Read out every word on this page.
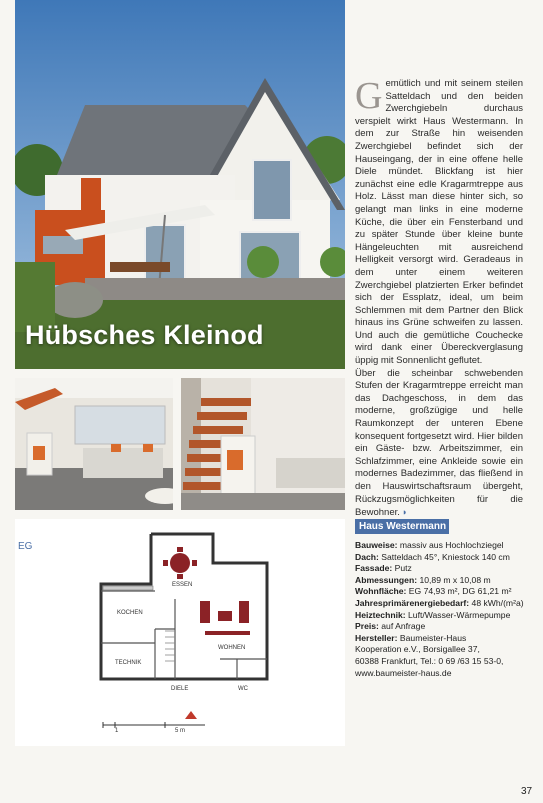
Hübsches Kleinod
G emütlich und mit seinem steilen Satteldach und den beiden Zwerchgiebeln durchaus verspielt wirkt Haus Westermann. In dem zur Straße hin weisenden Zwerchgiebel befindet sich der Hauseingang, der in eine offene helle Diele mündet. Blickfang ist hier zunächst eine edle Kragarmtreppe aus Holz. Lässt man diese hinter sich, so gelangt man links in eine moderne Küche, die über ein Fensterband und zu später Stunde über kleine bunte Hängeleuchten mit ausreichend Helligkeit versorgt wird. Geradeaus in dem unter einem weiteren Zwerchgiebel platzierten Erker befindet sich der Essplatz, ideal, um beim Schlemmen mit dem Partner den Blick hinaus ins Grüne schweifen zu lassen. Und auch die gemütliche Couchecke wird dank einer Übereckverglasung üppig mit Sonnenlicht geflutet.
Über die scheinbar schwebenden Stufen der Kragarmtreppe erreicht man das Dachgeschoss, in dem das moderne, großzügige und helle Raumkonzept der unteren Ebene konsequent fortgesetzt wird. Hier bilden ein Gäste- bzw. Arbeitszimmer, ein Schlafzimmer, eine Ankleide sowie ein modernes Badezimmer, das fließend in den Hauswirtschaftsraum übergeht, Rückzugsmöglichkeiten für die Bewohner. ◗
EG
ESSEN
KOCHEN
WOHNEN
TECHNIK
DIELE	WC
1	5 m
Haus Westermann
Bauweise: massiv aus Hochlochziegel
Dach: Satteldach 45°, Kniestock 140 cm
Fassade: Putz
Abmessungen: 10,89 m x 10,08 m
Wohnfläche: EG 74,93 m², DG 61,21 m²
Jahresprimärenergiebedarf: 48 kWh/(m²a)
Heiztechnik: Luft/Wasser-Wärmepumpe
Preis: auf Anfrage
Hersteller: Baumeister-Haus
Kooperation e.V., Borsigallee 37,
60388 Frankfurt, Tel.: 0 69 /63 15 53-0,
www.baumeister-haus.de
37
